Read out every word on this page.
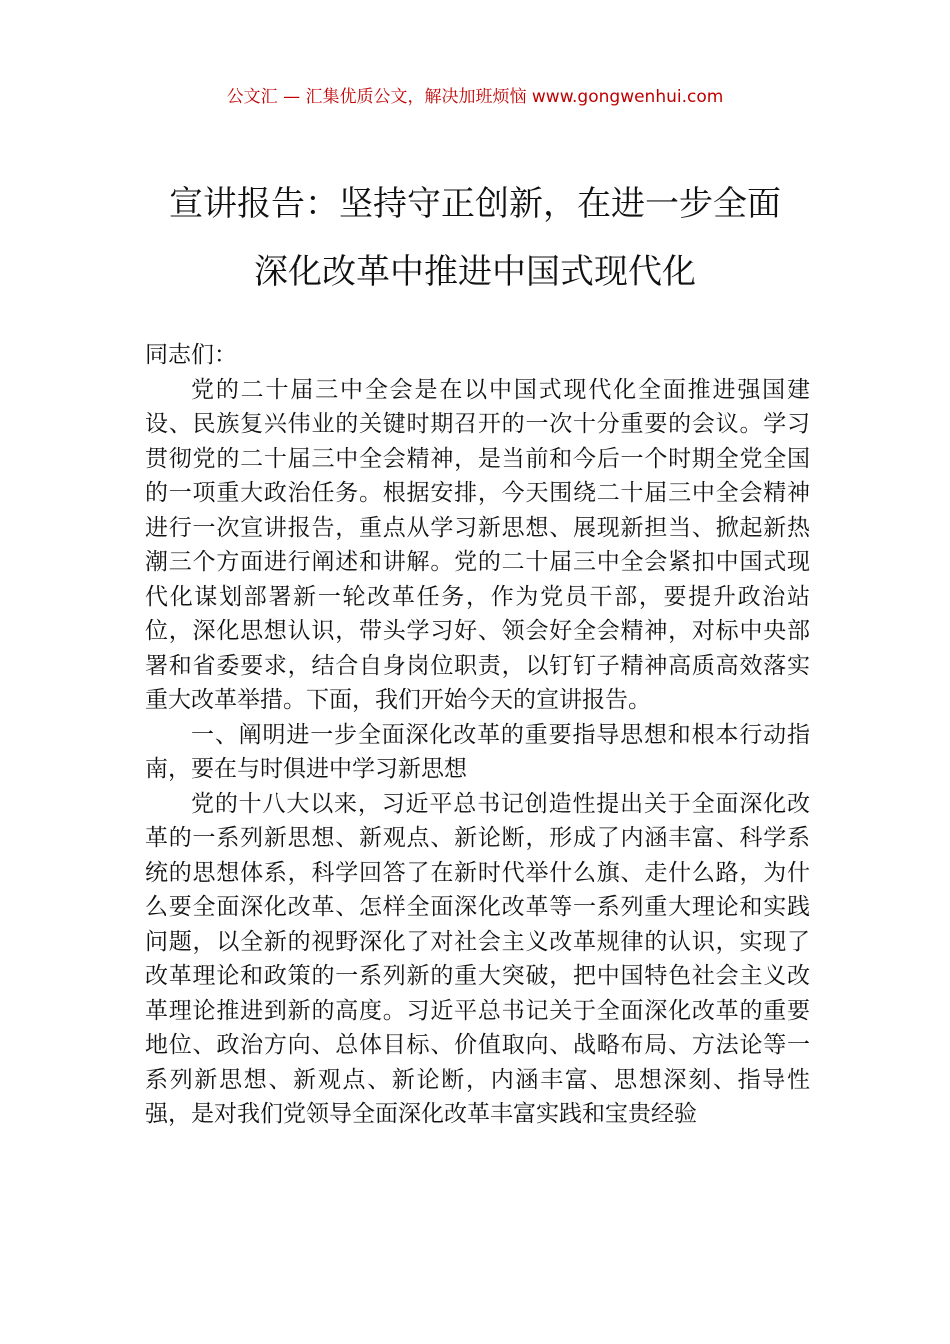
公文汇 — 汇集优质公文，解决加班烦恼 www.gongwenhui.com
宣讲报告：坚持守正创新，在进一步全面
深化改革中推进中国式现代化

同志们：

党的二十届三中全会是在以中国式现代化全面推进强国建设、民族复兴伟业的关键时期召开的一次十分重要的会议。学习贯彻党的二十届三中全会精神，是当前和今后一个时期全党全国的一项重大政治任务。根据安排，今天围绕二十届三中全会精神进行一次宣讲报告，重点从学习新思想、展现新担当、掀起新热潮三个方面进行阐述和讲解。党的二十届三中全会紧扣中国式现代化谋划部署新一轮改革任务，作为党员干部，要提升政治站位，深化思想认识，带头学习好、领会好全会精神，对标中央部署和省委要求，结合自身岗位职责，以钉钉子精神高质高效落实重大改革举措。下面，我们开始今天的宣讲报告。

一、阐明进一步全面深化改革的重要指导思想和根本行动指南，要在与时俱进中学习新思想

党的十八大以来，习近平总书记创造性提出关于全面深化改革的一系列新思想、新观点、新论断，形成了内涵丰富、科学系统的思想体系，科学回答了在新时代举什么旗、走什么路，为什么要全面深化改革、怎样全面深化改革等一系列重大理论和实践问题，以全新的视野深化了对社会主义改革规律的认识，实现了改革理论和政策的一系列新的重大突破，把中国特色社会主义改革理论推进到新的高度。习近平总书记关于全面深化改革的重要地位、政治方向、总体目标、价值取向、战略布局、方法论等一系列新思想、新观点、新论断，内涵丰富、思想深刻、指导性强，是对我们党领导全面深化改革丰富实践和宝贵经验
